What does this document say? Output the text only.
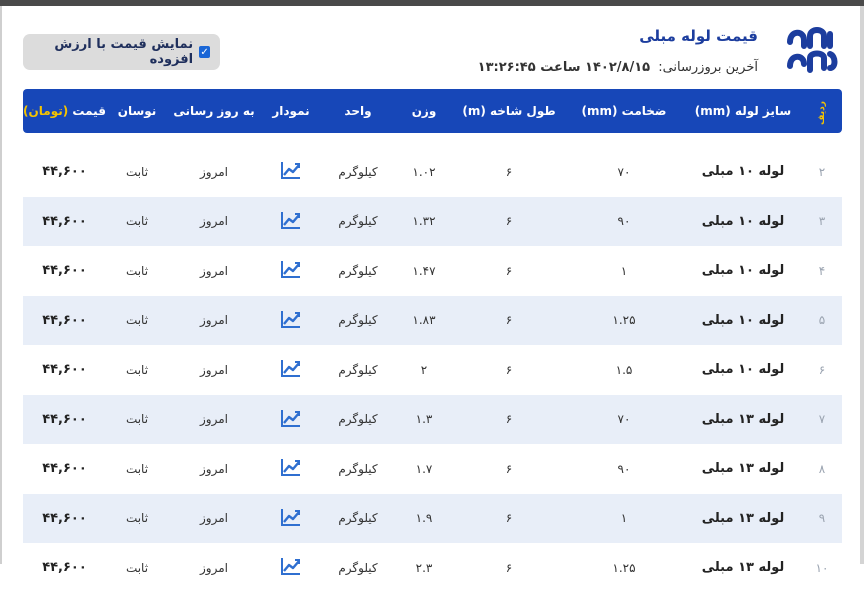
قیمت لوله مبلی
آخرین بروزرسانی: ۱۴۰۲/۸/۱۵ ساعت ۱۳:۲۶:۴۵
✓
نمایش قیمت با ارزش افزوده
ردیف
سایز لوله (mm)
ضخامت (mm)
طول شاخه (m)
وزن
واحد
نمودار
به روز رسانی
نوسان
قیمت (تومان)
۲
لوله ۱۰ مبلی
۷۰
۶
۱.۰۲
کیلوگرم
امروز
ثابت
۴۴,۶۰۰
۳
لوله ۱۰ مبلی
۹۰
۶
۱.۳۲
کیلوگرم
امروز
ثابت
۴۴,۶۰۰
۴
لوله ۱۰ مبلی
۱
۶
۱.۴۷
کیلوگرم
امروز
ثابت
۴۴,۶۰۰
۵
لوله ۱۰ مبلی
۱.۲۵
۶
۱.۸۳
کیلوگرم
امروز
ثابت
۴۴,۶۰۰
۶
لوله ۱۰ مبلی
۱.۵
۶
۲
کیلوگرم
امروز
ثابت
۴۴,۶۰۰
۷
لوله ۱۳ مبلی
۷۰
۶
۱.۳
کیلوگرم
امروز
ثابت
۴۴,۶۰۰
۸
لوله ۱۳ مبلی
۹۰
۶
۱.۷
کیلوگرم
امروز
ثابت
۴۴,۶۰۰
۹
لوله ۱۳ مبلی
۱
۶
۱.۹
کیلوگرم
امروز
ثابت
۴۴,۶۰۰
۱۰
لوله ۱۳ مبلی
۱.۲۵
۶
۲.۳
کیلوگرم
امروز
ثابت
۴۴,۶۰۰
